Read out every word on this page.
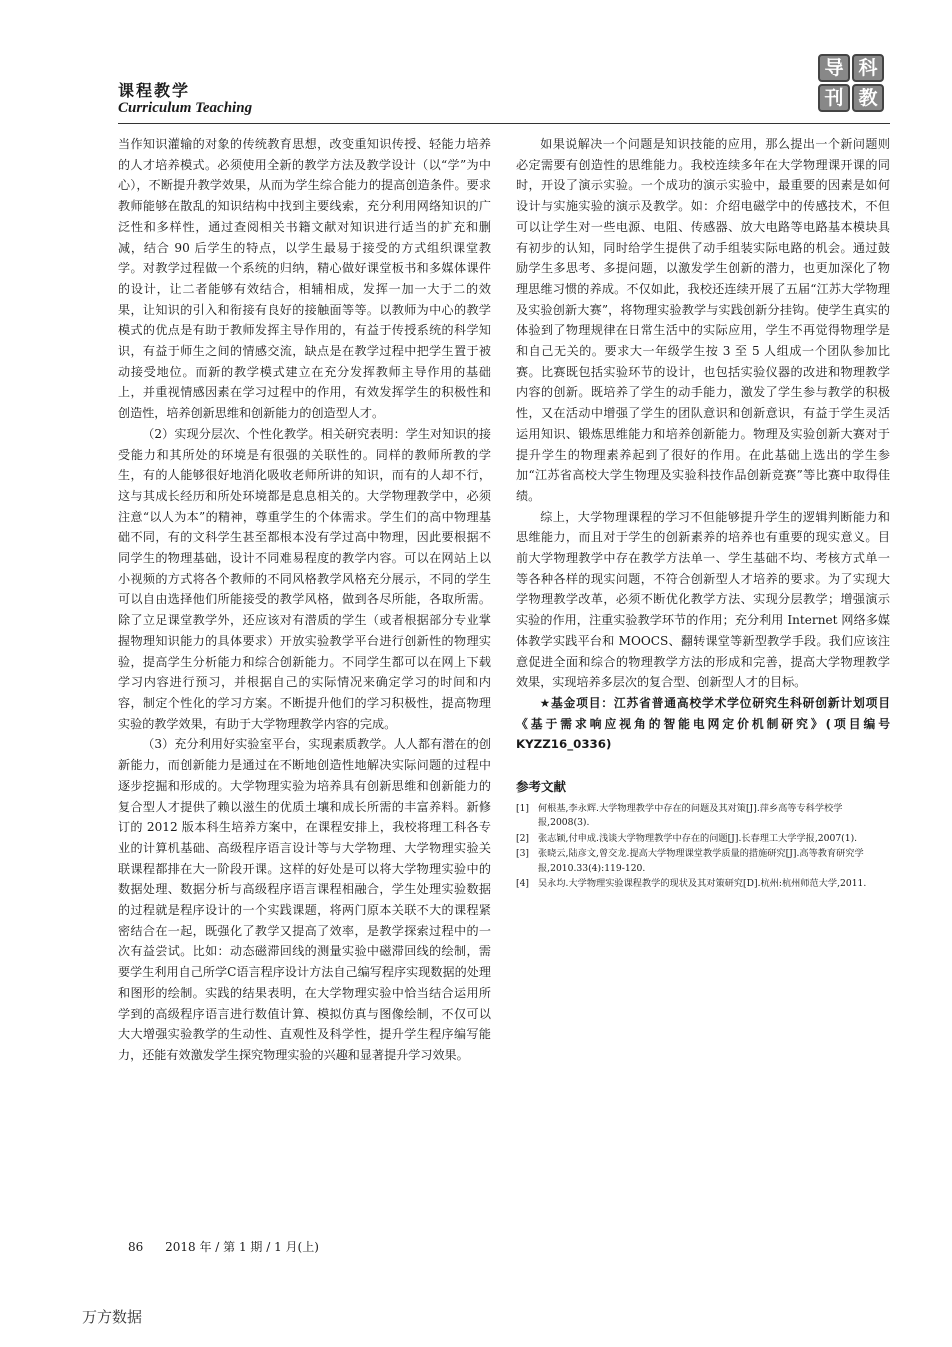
课程教学
Curriculum Teaching
导 科
刊 教

当作知识灌输的对象的传统教育思想，改变重知识传授、轻能力培养的人才培养模式。必须使用全新的教学方法及教学设计（以“学”为中心），不断提升教学效果，从而为学生综合能力的提高创造条件。要求教师能够在散乱的知识结构中找到主要线索，充分利用网络知识的广泛性和多样性，通过查阅相关书籍文献对知识进行适当的扩充和删减，结合 90 后学生的特点，以学生最易于接受的方式组织课堂教学。对教学过程做一个系统的归纳，精心做好课堂板书和多媒体课件的设计，让二者能够有效结合，相辅相成，发挥一加一大于二的效果，让知识的引入和衔接有良好的接触面等等。以教师为中心的教学模式的优点是有助于教师发挥主导作用的，有益于传授系统的科学知识，有益于师生之间的情感交流，缺点是在教学过程中把学生置于被动接受地位。而新的教学模式建立在充分发挥教师主导作用的基础上，并重视情感因素在学习过程中的作用，有效发挥学生的积极性和创造性，培养创新思维和创新能力的创造型人才。

（2）实现分层次、个性化教学。相关研究表明：学生对知识的接受能力和其所处的环境是有很强的关联性的。同样的教师所教的学生，有的人能够很好地消化吸收老师所讲的知识，而有的人却不行，这与其成长经历和所处环境都是息息相关的。大学物理教学中，必须注意“以人为本”的精神，尊重学生的个体需求。学生们的高中物理基础不同，有的文科学生甚至都根本没有学过高中物理，因此要根据不同学生的物理基础，设计不同难易程度的教学内容。可以在网站上以小视频的方式将各个教师的不同风格教学风格充分展示，不同的学生可以自由选择他们所能接受的教学风格，做到各尽所能，各取所需。除了立足课堂教学外，还应该对有潜质的学生（或者根据部分专业掌握物理知识能力的具体要求）开放实验教学平台进行创新性的物理实验，提高学生分析能力和综合创新能力。不同学生都可以在网上下载学习内容进行预习，并根据自己的实际情况来确定学习的时间和内容，制定个性化的学习方案。不断提升他们的学习积极性，提高物理实验的教学效果，有助于大学物理教学内容的完成。

（3）充分利用好实验室平台，实现素质教学。人人都有潜在的创新能力，而创新能力是通过在不断地创造性地解决实际问题的过程中逐步挖掘和形成的。大学物理实验为培养具有创新思维和创新能力的复合型人才提供了赖以滋生的优质土壤和成长所需的丰富养料。新修订的 2012 版本科生培养方案中，在课程安排上，我校将理工科各专业的计算机基础、高级程序语言设计等与大学物理、大学物理实验关联课程都排在大一阶段开课。这样的好处是可以将大学物理实验中的数据处理、数据分析与高级程序语言课程相融合，学生处理实验数据的过程就是程序设计的一个实践课题，将两门原本关联不大的课程紧密结合在一起，既强化了教学又提高了效率，是教学探索过程中的一次有益尝试。比如：动态磁滞回线的测量实验中磁滞回线的绘制，需要学生利用自己所学C语言程序设计方法自己编写程序实现数据的处理和图形的绘制。实践的结果表明，在大学物理实验中恰当结合运用所学到的高级程序语言进行数值计算、模拟仿真与图像绘制，不仅可以大大增强实验教学的生动性、直观性及科学性，提升学生程序编写能力，还能有效激发学生探究物理实验的兴趣和显著提升学习效果。

如果说解决一个问题是知识技能的应用，那么提出一个新问题则必定需要有创造性的思维能力。我校连续多年在大学物理课开课的同时，开设了演示实验。一个成功的演示实验中，最重要的因素是如何设计与实施实验的演示及教学。如：介绍电磁学中的传感技术，不但可以让学生对一些电源、电阻、传感器、放大电路等电路基本模块具有初步的认知，同时给学生提供了动手组装实际电路的机会。通过鼓励学生多思考、多提问题，以激发学生创新的潜力，也更加深化了物理思维习惯的养成。不仅如此，我校还连续开展了五届“江苏大学物理及实验创新大赛”，将物理实验教学与实践创新分挂钩。使学生真实的体验到了物理规律在日常生活中的实际应用，学生不再觉得物理学是和自己无关的。要求大一年级学生按 3 至 5 人组成一个团队参加比赛。比赛既包括实验环节的设计，也包括实验仪器的改进和物理教学内容的创新。既培养了学生的动手能力，激发了学生参与教学的积极性，又在活动中增强了学生的团队意识和创新意识，有益于学生灵活运用知识、锻炼思维能力和培养创新能力。物理及实验创新大赛对于提升学生的物理素养起到了很好的作用。在此基础上选出的学生参加“江苏省高校大学生物理及实验科技作品创新竞赛”等比赛中取得佳绩。

综上，大学物理课程的学习不但能够提升学生的逻辑判断能力和思维能力，而且对于学生的创新素养的培养也有重要的现实意义。目前大学物理教学中存在教学方法单一、学生基础不均、考核方式单一等各种各样的现实问题，不符合创新型人才培养的要求。为了实现大学物理教学改革，必须不断优化教学方法、实现分层教学；增强演示实验的作用，注重实验教学环节的作用；充分利用 Internet 网络多媒体教学实践平台和 MOOCS、翻转课堂等新型教学手段。我们应该注意促进全面和综合的物理教学方法的形成和完善，提高大学物理教学效果，实现培养多层次的复合型、创新型人才的目标。

★基金项目：江苏省普通高校学术学位研究生科研创新计划项目《基于需求响应视角的智能电网定价机制研究》(项目编号 KYZZ16_0336)

参考文献

[1] 何根基,李永辉.大学物理教学中存在的问题及其对策[J].萍乡高等专科学校学报,2008(3).

[2] 张志颖,付申成.浅谈大学物理教学中存在的问题[J].长春理工大学学报,2007(1).

[3] 张晓云,陆彦文,曾交龙.提高大学物理课堂教学质量的措施研究[J].高等教育研究学报,2010.33(4):119-120.

[4] 吴永均.大学物理实验课程教学的现状及其对策研究[D].杭州:杭州师范大学,2011.

86 2018 年 / 第 1 期 / 1 月(上)
万方数据
